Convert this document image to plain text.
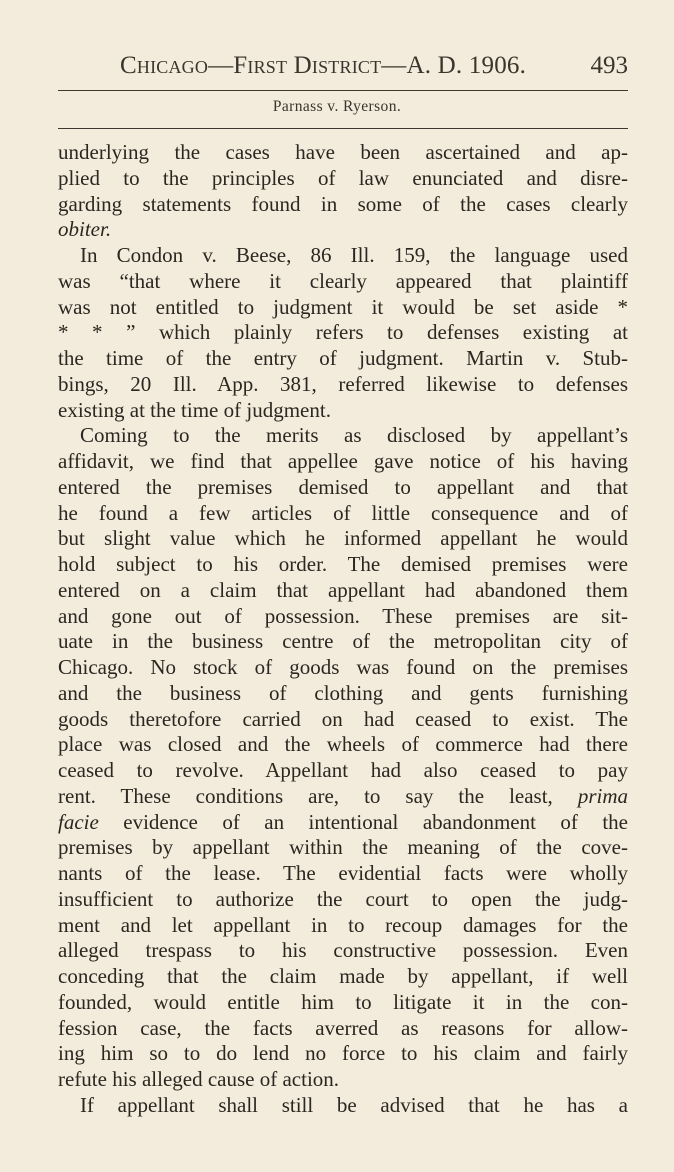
Chicago—First District—A. D. 1906.	493
Parnass v. Ryerson.
underlying the cases have been ascertained and ap-
plied to the principles of law enunciated and disre-
garding statements found in some of the cases clearly
obiter.
In Condon v. Beese, 86 Ill. 159, the language used
was “that where it clearly appeared that plaintiff
was not entitled to judgment it would be set aside *
* * ” which plainly refers to defenses existing at
the time of the entry of judgment. Martin v. Stub-
bings, 20 Ill. App. 381, referred likewise to defenses
existing at the time of judgment.
Coming to the merits as disclosed by appellant’s
affidavit, we find that appellee gave notice of his having
entered the premises demised to appellant and that
he found a few articles of little consequence and of
but slight value which he informed appellant he would
hold subject to his order. The demised premises were
entered on a claim that appellant had abandoned them
and gone out of possession. These premises are sit-
uate in the business centre of the metropolitan city of
Chicago. No stock of goods was found on the premises
and the business of clothing and gents furnishing
goods theretofore carried on had ceased to exist. The
place was closed and the wheels of commerce had there
ceased to revolve. Appellant had also ceased to pay
rent. These conditions are, to say the least, prima
facie evidence of an intentional abandonment of the
premises by appellant within the meaning of the cove-
nants of the lease. The evidential facts were wholly
insufficient to authorize the court to open the judg-
ment and let appellant in to recoup damages for the
alleged trespass to his constructive possession. Even
conceding that the claim made by appellant, if well
founded, would entitle him to litigate it in the con-
fession case, the facts averred as reasons for allow-
ing him so to do lend no force to his claim and fairly
refute his alleged cause of action.
If appellant shall still be advised that he has a
